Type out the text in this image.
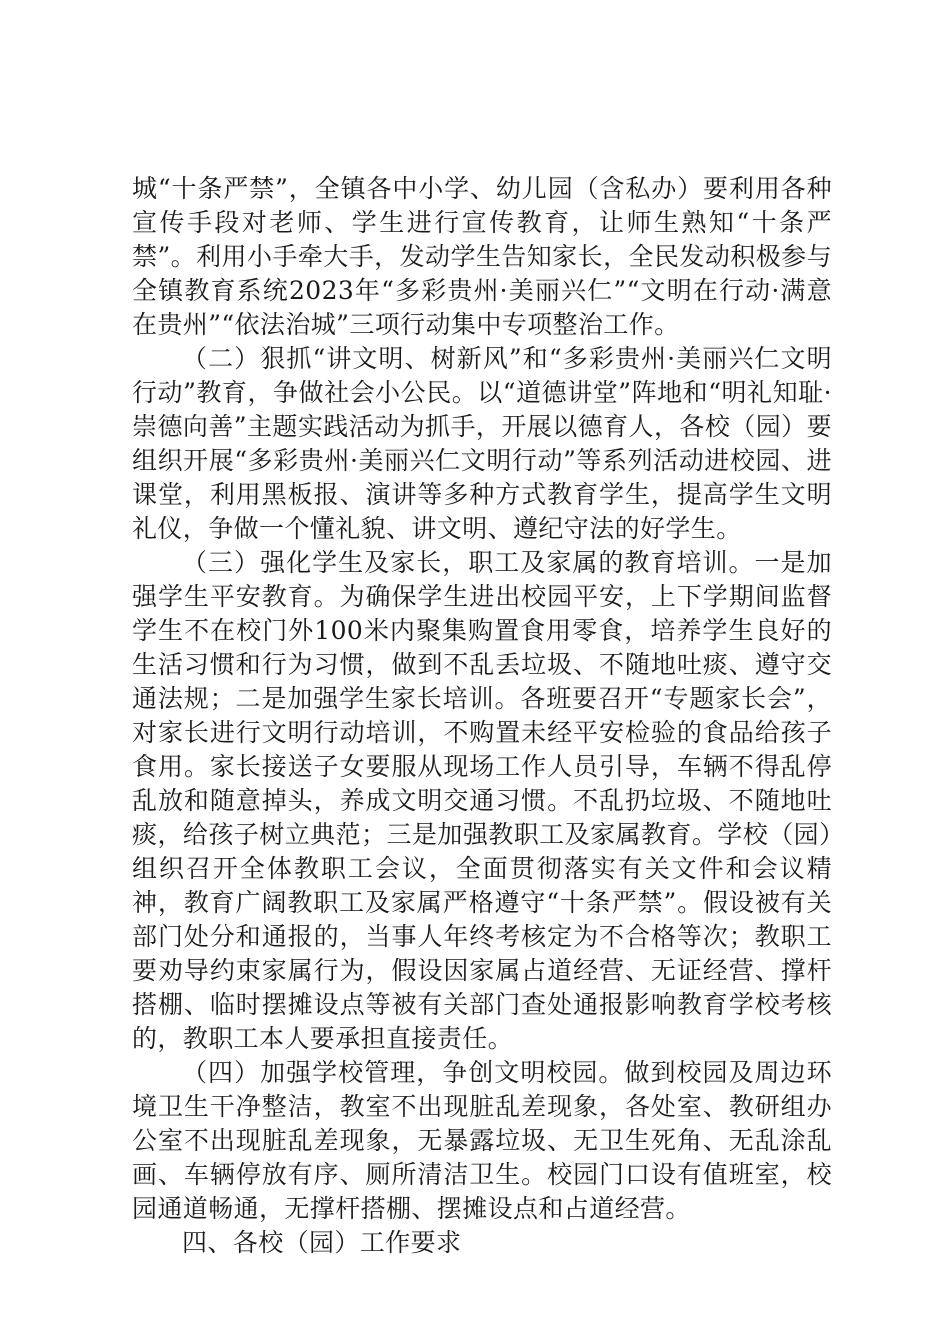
城“十条严禁”，全镇各中小学、幼儿园（含私办）要利用各种宣传手段对老师、学生进行宣传教育，让师生熟知“十条严禁”。利用小手牵大手，发动学生告知家长，全民发动积极参与全镇教育系统2023年“多彩贵州·美丽兴仁”“文明在行动·满意在贵州”“依法治城”三项行动集中专项整治工作。

（二）狠抓“讲文明、树新风”和“多彩贵州·美丽兴仁文明行动”教育，争做社会小公民。以“道德讲堂”阵地和“明礼知耻·崇德向善”主题实践活动为抓手，开展以德育人，各校（园）要组织开展“多彩贵州·美丽兴仁文明行动”等系列活动进校园、进课堂，利用黑板报、演讲等多种方式教育学生，提高学生文明礼仪，争做一个懂礼貌、讲文明、遵纪守法的好学生。

（三）强化学生及家长，职工及家属的教育培训。一是加强学生平安教育。为确保学生进出校园平安，上下学期间监督学生不在校门外100米内聚集购置食用零食，培养学生良好的生活习惯和行为习惯，做到不乱丢垃圾、不随地吐痰、遵守交通法规；二是加强学生家长培训。各班要召开“专题家长会”，对家长进行文明行动培训，不购置未经平安检验的食品给孩子食用。家长接送子女要服从现场工作人员引导，车辆不得乱停乱放和随意掉头，养成文明交通习惯。不乱扔垃圾、不随地吐痰，给孩子树立典范；三是加强教职工及家属教育。学校（园）组织召开全体教职工会议，全面贯彻落实有关文件和会议精神，教育广阔教职工及家属严格遵守“十条严禁”。假设被有关部门处分和通报的，当事人年终考核定为不合格等次；教职工要劝导约束家属行为，假设因家属占道经营、无证经营、撑杆搭棚、临时摆摊设点等被有关部门查处通报影响教育学校考核的，教职工本人要承担直接责任。

（四）加强学校管理，争创文明校园。做到校园及周边环境卫生干净整洁，教室不出现脏乱差现象，各处室、教研组办公室不出现脏乱差现象，无暴露垃圾、无卫生死角、无乱涂乱画、车辆停放有序、厕所清洁卫生。校园门口设有值班室，校园通道畅通，无撑杆搭棚、摆摊设点和占道经营。

四、各校（园）工作要求
